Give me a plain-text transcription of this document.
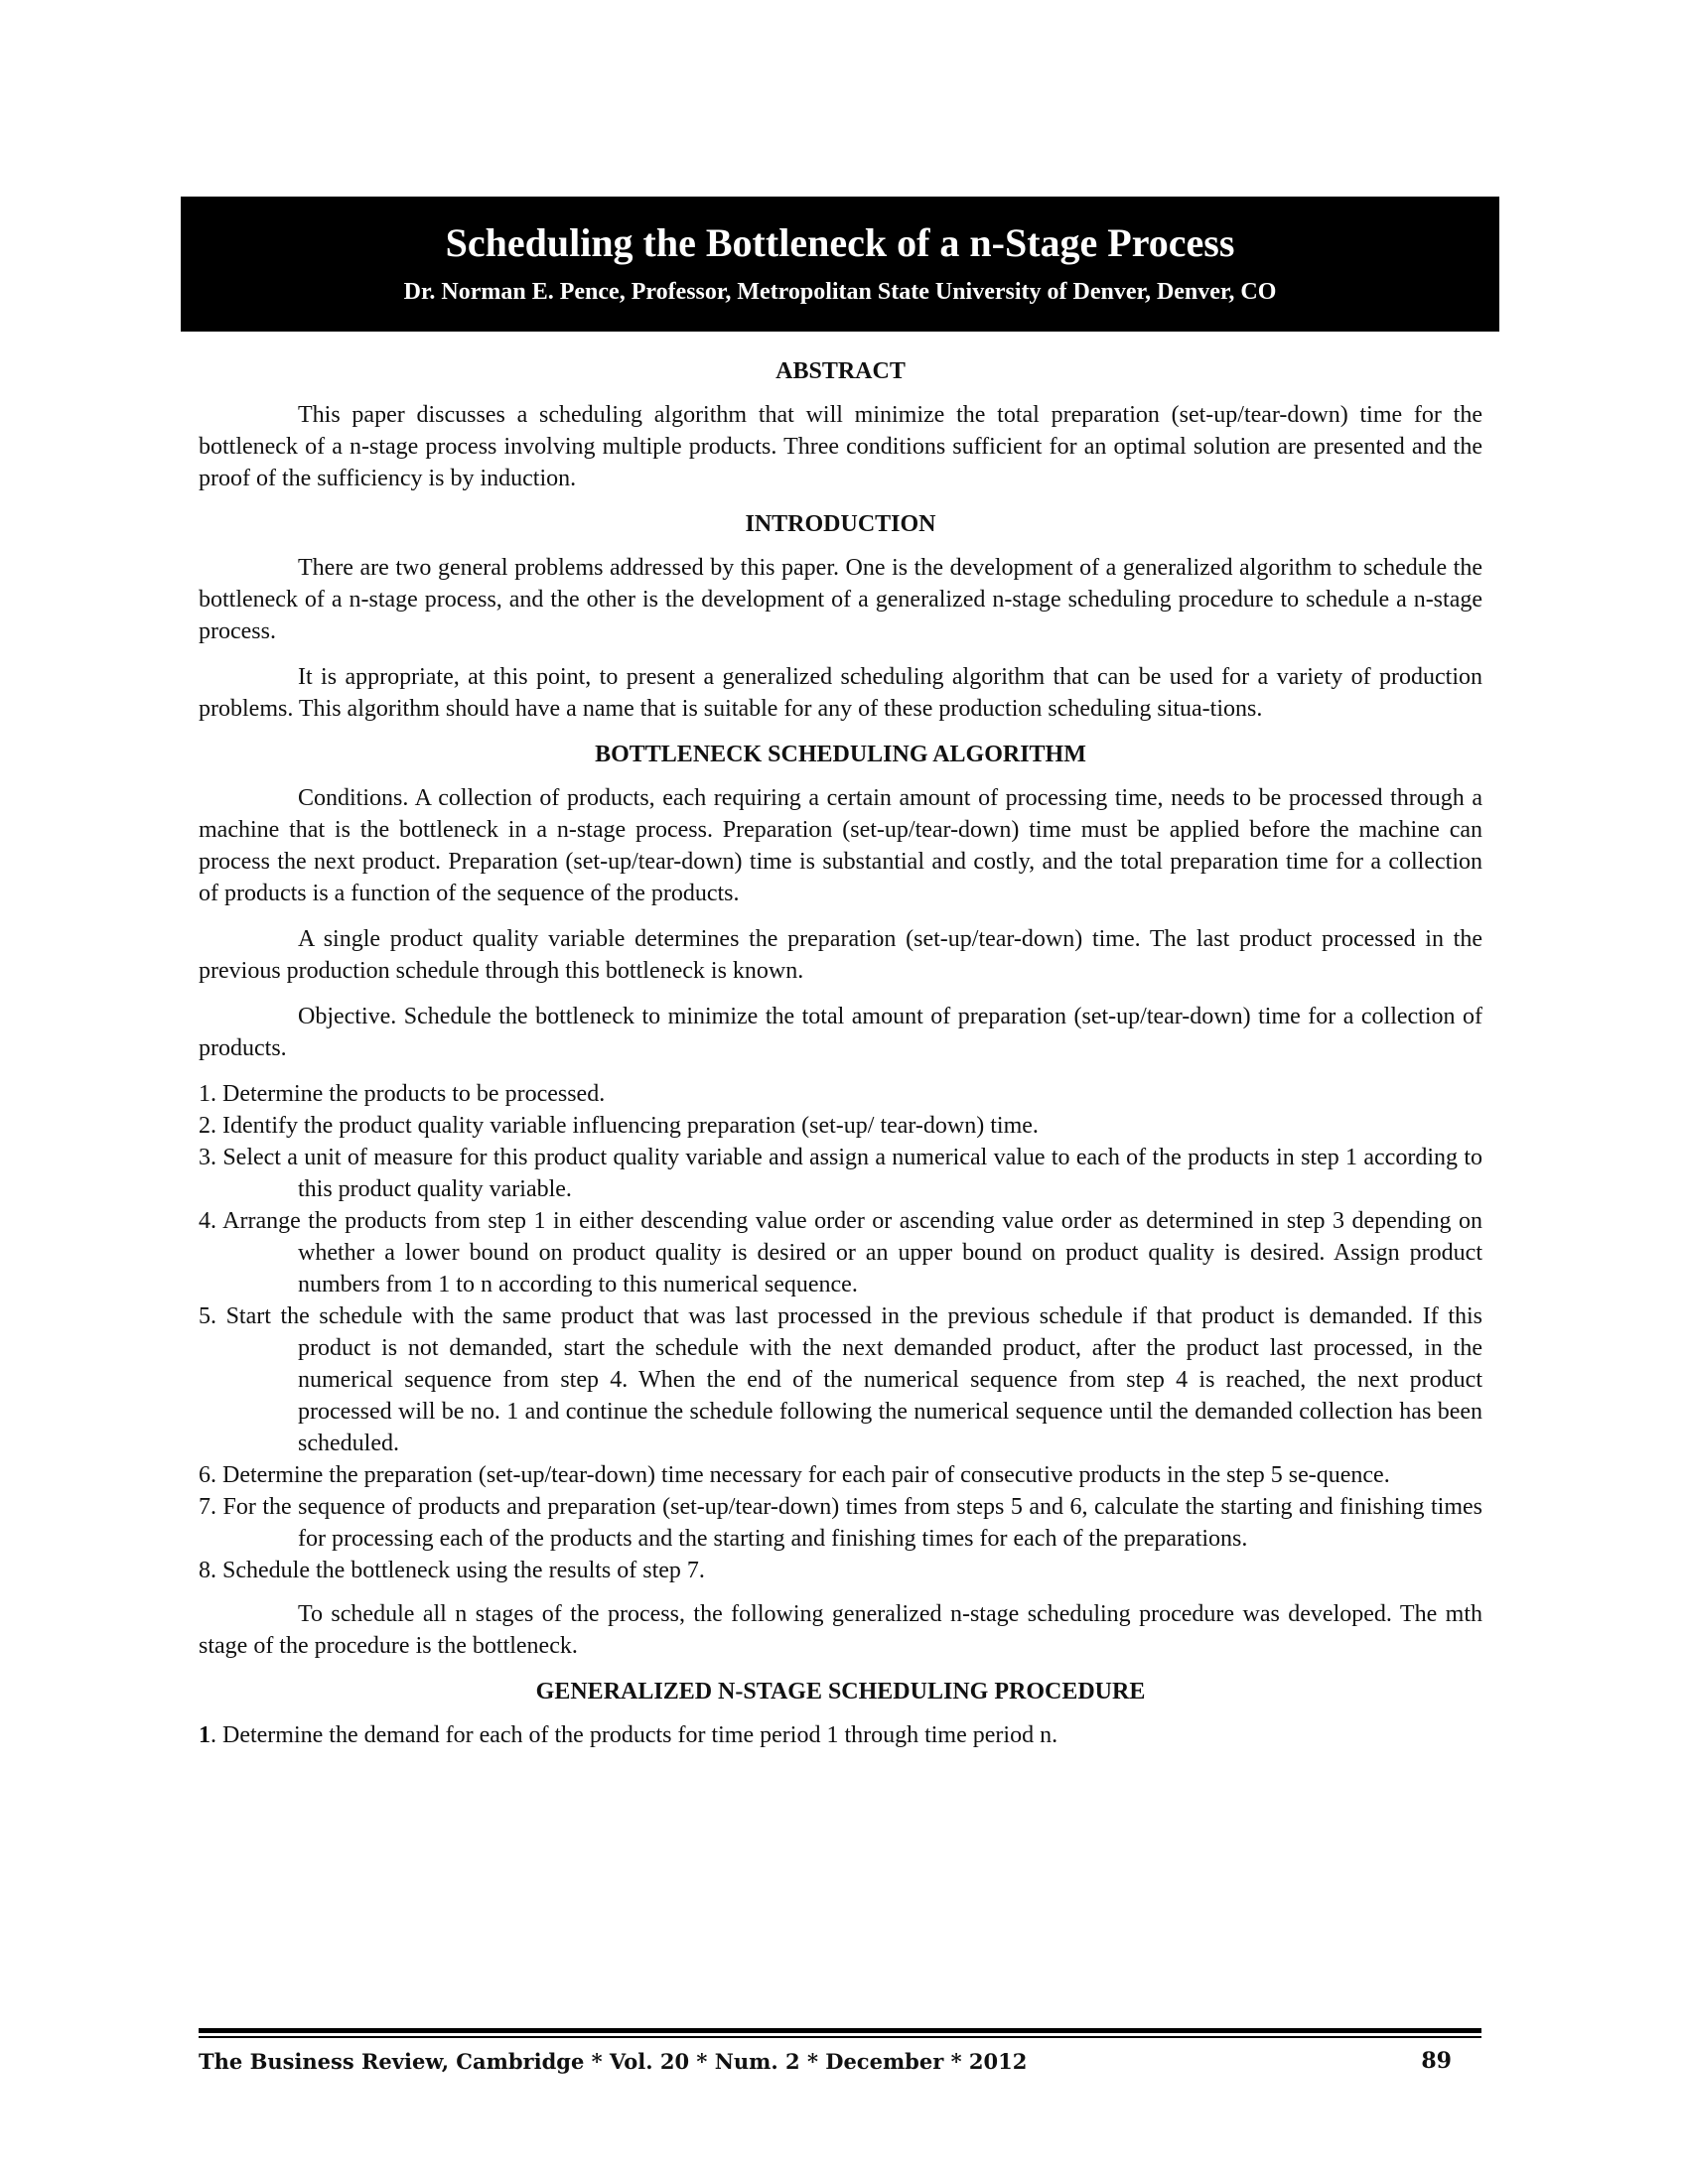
Scheduling the Bottleneck of a n-Stage Process
Dr. Norman E. Pence, Professor, Metropolitan State University of Denver, Denver, CO
ABSTRACT

This paper discusses a scheduling algorithm that will minimize the total preparation (set-up/tear-down) time for the bottleneck of a n-stage process involving multiple products. Three conditions sufficient for an optimal solution are presented and the proof of the sufficiency is by induction.

INTRODUCTION

There are two general problems addressed by this paper. One is the development of a generalized algorithm to schedule the bottleneck of a n-stage process, and the other is the development of a generalized n-stage scheduling procedure to schedule a n-stage process.

It is appropriate, at this point, to present a generalized scheduling algorithm that can be used for a variety of production problems. This algorithm should have a name that is suitable for any of these production scheduling situa-tions.

BOTTLENECK SCHEDULING ALGORITHM

Conditions. A collection of products, each requiring a certain amount of processing time, needs to be processed through a machine that is the bottleneck in a n-stage process. Preparation (set-up/tear-down) time must be applied before the machine can process the next product. Preparation (set-up/tear-down) time is substantial and costly, and the total preparation time for a collection of products is a function of the sequence of the products.

A single product quality variable determines the preparation (set-up/tear-down) time. The last product processed in the previous production schedule through this bottleneck is known.

Objective. Schedule the bottleneck to minimize the total amount of preparation (set-up/tear-down) time for a collection of products.

1. Determine the products to be processed.
2. Identify the product quality variable influencing preparation (set-up/ tear-down) time.
3. Select a unit of measure for this product quality variable and assign a numerical value to each of the products in step 1 according to this product quality variable.
4. Arrange the products from step 1 in either descending value order or ascending value order as determined in step 3 depending on whether a lower bound on product quality is desired or an upper bound on product quality is desired. Assign product numbers from 1 to n according to this numerical sequence.
5. Start the schedule with the same product that was last processed in the previous schedule if that product is demanded. If this product is not demanded, start the schedule with the next demanded product, after the product last processed, in the numerical sequence from step 4. When the end of the numerical sequence from step 4 is reached, the next product processed will be no. 1 and continue the schedule following the numerical sequence until the demanded collection has been scheduled.
6. Determine the preparation (set-up/tear-down) time necessary for each pair of consecutive products in the step 5 se-quence.
7. For the sequence of products and preparation (set-up/tear-down) times from steps 5 and 6, calculate the starting and finishing times for processing each of the products and the starting and finishing times for each of the preparations.
8. Schedule the bottleneck using the results of step 7.

To schedule all n stages of the process, the following generalized n-stage scheduling procedure was developed. The mth stage of the procedure is the bottleneck.

GENERALIZED N-STAGE SCHEDULING PROCEDURE

1. Determine the demand for each of the products for time period 1 through time period n.

The Business Review, Cambridge * Vol. 20 * Num. 2 * December * 2012	89
